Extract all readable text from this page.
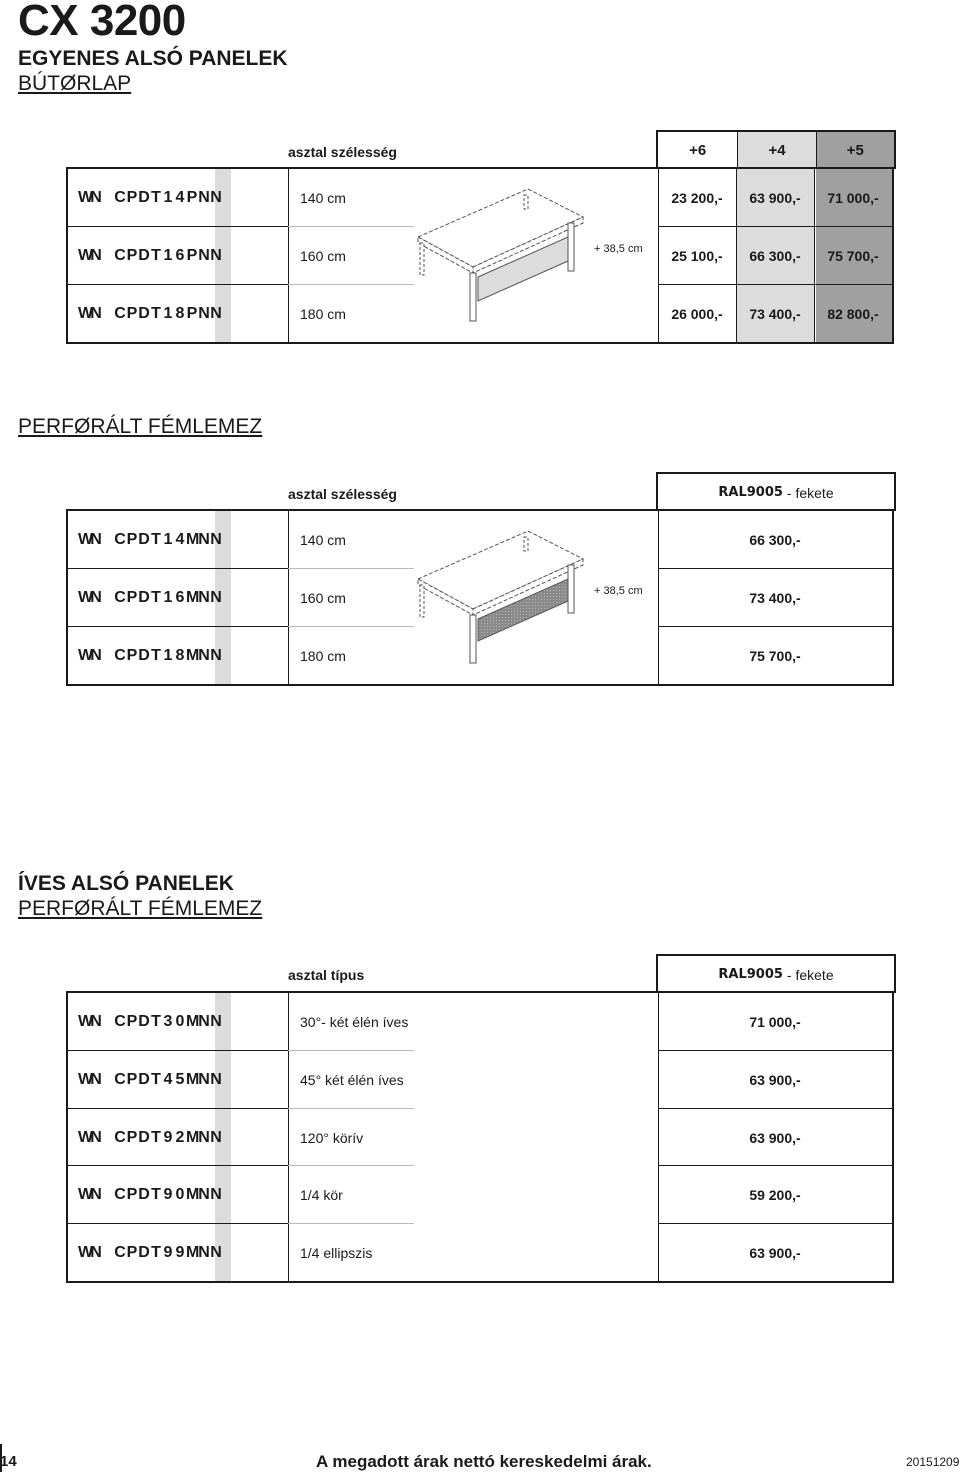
CX 3200
EGYENES ALSÓ PANELEK
BÚTØRLAP
asztal szélesség	+6	+4	+5
W
N C P D T 1 4 P N N	140 cm	23 200,-	63 900,-	71 000,-
W
N C P D T 1 6 P N N	160 cm	25 100,-	66 300,-	75 700,-
W
N C P D T 1 8 P N N	180 cm	26 000,-	73 400,-	82 800,-
+ 38,5 cm
PERFØRÁLT FÉMLEMEZ
asztal szélesség	RAL9005 - fekete
W
N C P D T 1 4 M
N N	140 cm	66 300,-
W
N C P D T 1 6 M
N N	160 cm	73 400,-
W
N C P D T 1 8 M
N N	180 cm	75 700,-
+ 38,5 cm
ÍVES ALSÓ PANELEK
PERFØRÁLT FÉMLEMEZ
asztal típus	RAL9005 - fekete
W
N C P D T 3 0 M
N N	30°- két élén íves	71 000,-
W
N C P D T 4 5 M
N N	45° két élén íves	63 900,-
W
N C P D T 9 2 M
N N	120° körív	63 900,-
W
N C P D T 9 0 M
N N	1/4 kör	59 200,-
W
N C P D T 9 9 M
N N	1/4 ellipszis	63 900,-
14	A megadott árak nettó kereskedelmi árak.	20151209
